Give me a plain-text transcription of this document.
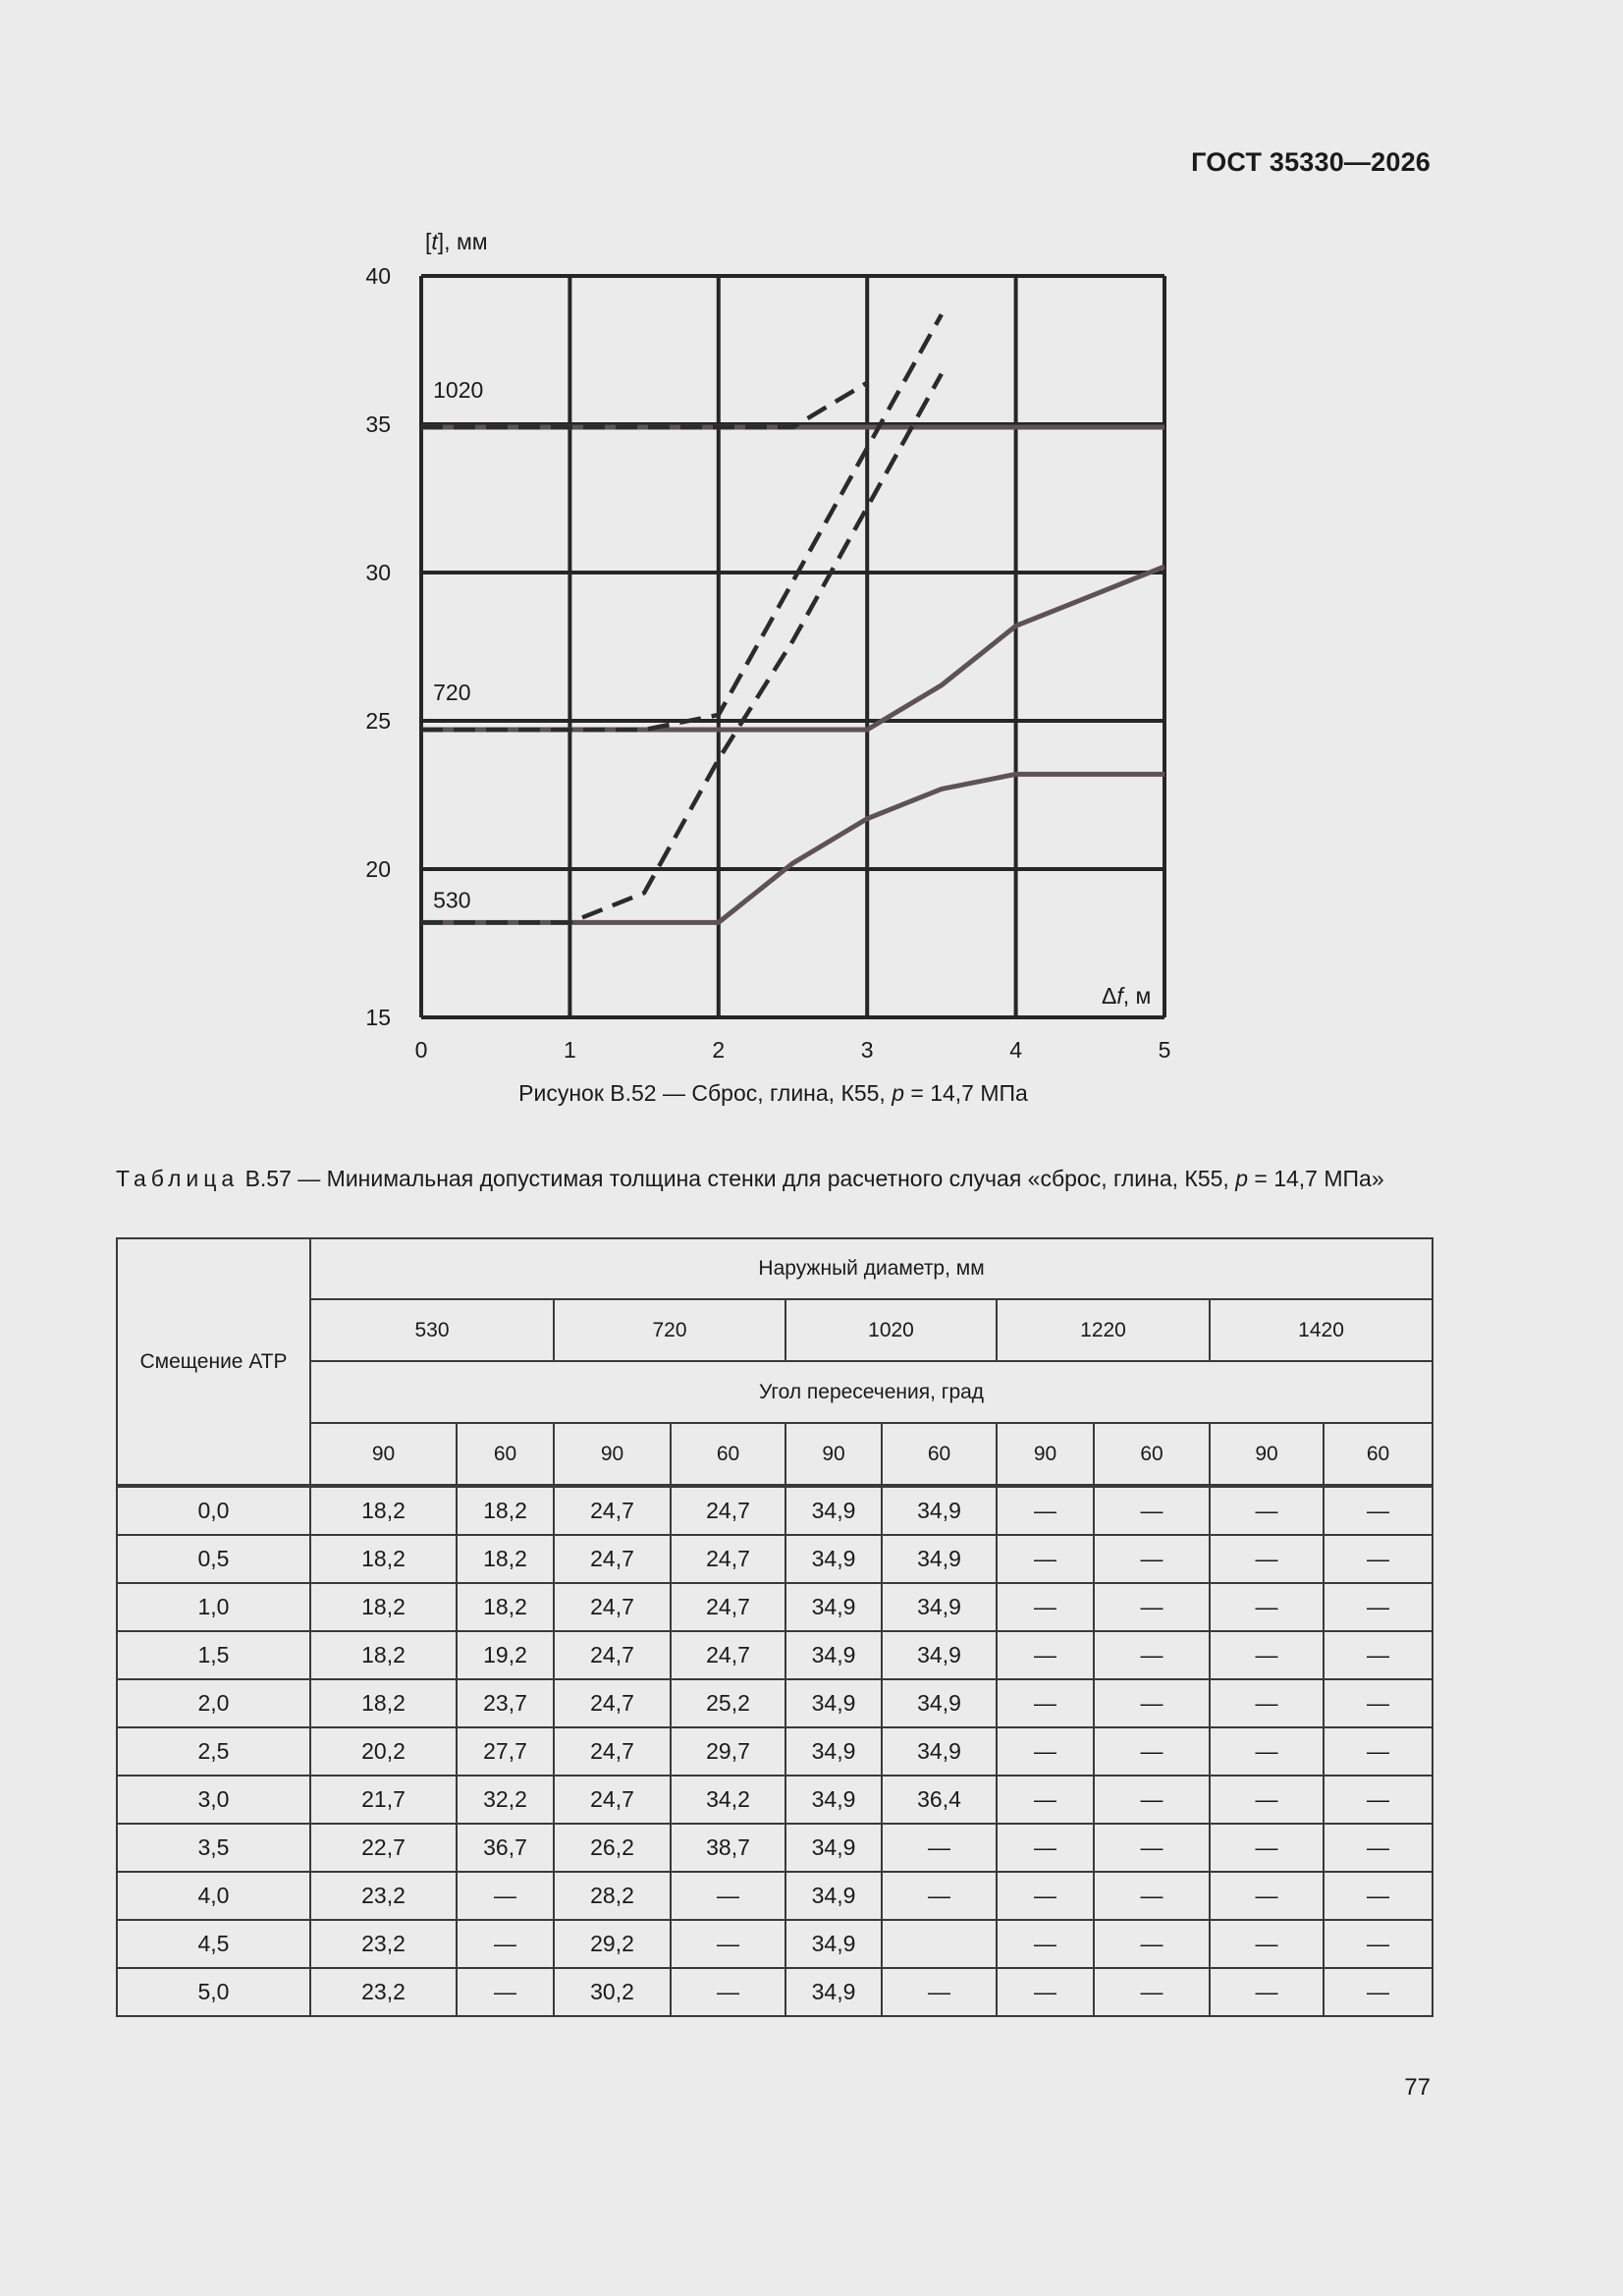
ГОСТ 35330—2026
0	1	2	3	4	5
15
20
25
30
35
40
1020
720
530
[t], мм
Δf, м
Рисунок В.52 — Сброс, глина, К55, p = 14,7 МПа
Таблица В.57 — Минимальная допустимая толщина стенки для расчетного случая «сброс, глина, К55, p = 14,7 МПа»
Смещение АТР	Наружный диаметр, мм									
	530		720		1020		1220		1420	
	Угол пересечения, град									
	90	60	90	60	90	60	90	60	90	60
0,0	18,2	18,2	24,7	24,7	34,9	34,9	—	—	—	—
0,5	18,2	18,2	24,7	24,7	34,9	34,9	—	—	—	—
1,0	18,2	18,2	24,7	24,7	34,9	34,9	—	—	—	—
1,5	18,2	19,2	24,7	24,7	34,9	34,9	—	—	—	—
2,0	18,2	23,7	24,7	25,2	34,9	34,9	—	—	—	—
2,5	20,2	27,7	24,7	29,7	34,9	34,9	—	—	—	—
3,0	21,7	32,2	24,7	34,2	34,9	36,4	—	—	—	—
3,5	22,7	36,7	26,2	38,7	34,9	—	—	—	—	—
4,0	23,2	—	28,2	—	34,9	—	—	—	—	—
4,5	23,2	—	29,2	—	34,9		—	—	—	—
5,0	23,2	—	30,2	—	34,9	—	—	—	—	—
77
